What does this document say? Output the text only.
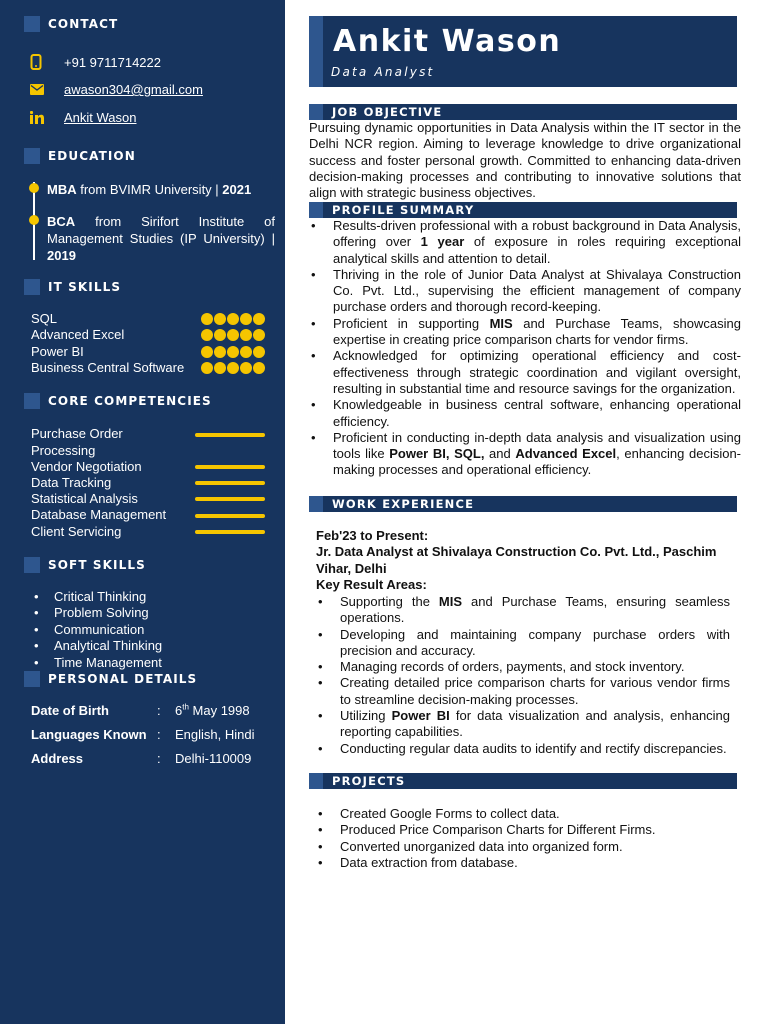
CONTACT
+91 9711714222
awason304@gmail.com
Ankit Wason
EDUCATION
MBA from BVIMR University | 2021
BCA from Sirifort Institute of Management Studies (IP University) | 2019
IT SKILLS
SQL
Advanced Excel
Power BI
Business Central Software
CORE COMPETENCIES
Purchase Order Processing
Vendor Negotiation
Data Tracking
Statistical Analysis
Database Management
Client Servicing
SOFT SKILLS
• Critical Thinking
• Problem Solving
• Communication
• Analytical Thinking
• Time Management
PERSONAL DETAILS
Date of Birth	: 6th May 1998
Languages Known : English, Hindi
Address	: Delhi-110009
Ankit Wason
Data Analyst
JOB OBJECTIVE
Pursuing dynamic opportunities in Data Analysis within the IT sector in the Delhi NCR region. Aiming to leverage knowledge to drive organizational success and foster personal growth. Committed to enhancing data-driven decision-making processes and contributing to innovative solutions that align with strategic business objectives.
PROFILE SUMMARY
• Results-driven professional with a robust background in Data Analysis, offering over 1 year of exposure in roles requiring exceptional analytical skills and attention to detail.
• Thriving in the role of Junior Data Analyst at Shivalaya Construction Co. Pvt. Ltd., supervising the efficient management of company purchase orders and thorough record-keeping.
• Proficient in supporting MIS and Purchase Teams, showcasing expertise in creating price comparison charts for vendor firms.
• Acknowledged for optimizing operational efficiency and cost-effectiveness through strategic coordination and vigilant oversight, resulting in substantial time and resource savings for the organization.
• Knowledgeable in business central software, enhancing operational efficiency.
• Proficient in conducting in-depth data analysis and visualization using tools like Power BI, SQL, and Advanced Excel, enhancing decision-making processes and operational efficiency.
WORK EXPERIENCE
Feb'23 to Present:
Jr. Data Analyst at Shivalaya Construction Co. Pvt. Ltd., Paschim Vihar, Delhi
Key Result Areas:
• Supporting the MIS and Purchase Teams, ensuring seamless operations.
• Developing and maintaining company purchase orders with precision and accuracy.
• Managing records of orders, payments, and stock inventory.
• Creating detailed price comparison charts for various vendor firms to streamline decision-making processes.
• Utilizing Power BI for data visualization and analysis, enhancing reporting capabilities.
• Conducting regular data audits to identify and rectify discrepancies.
PROJECTS
• Created Google Forms to collect data.
• Produced Price Comparison Charts for Different Firms.
• Converted unorganized data into organized form.
• Data extraction from database.
